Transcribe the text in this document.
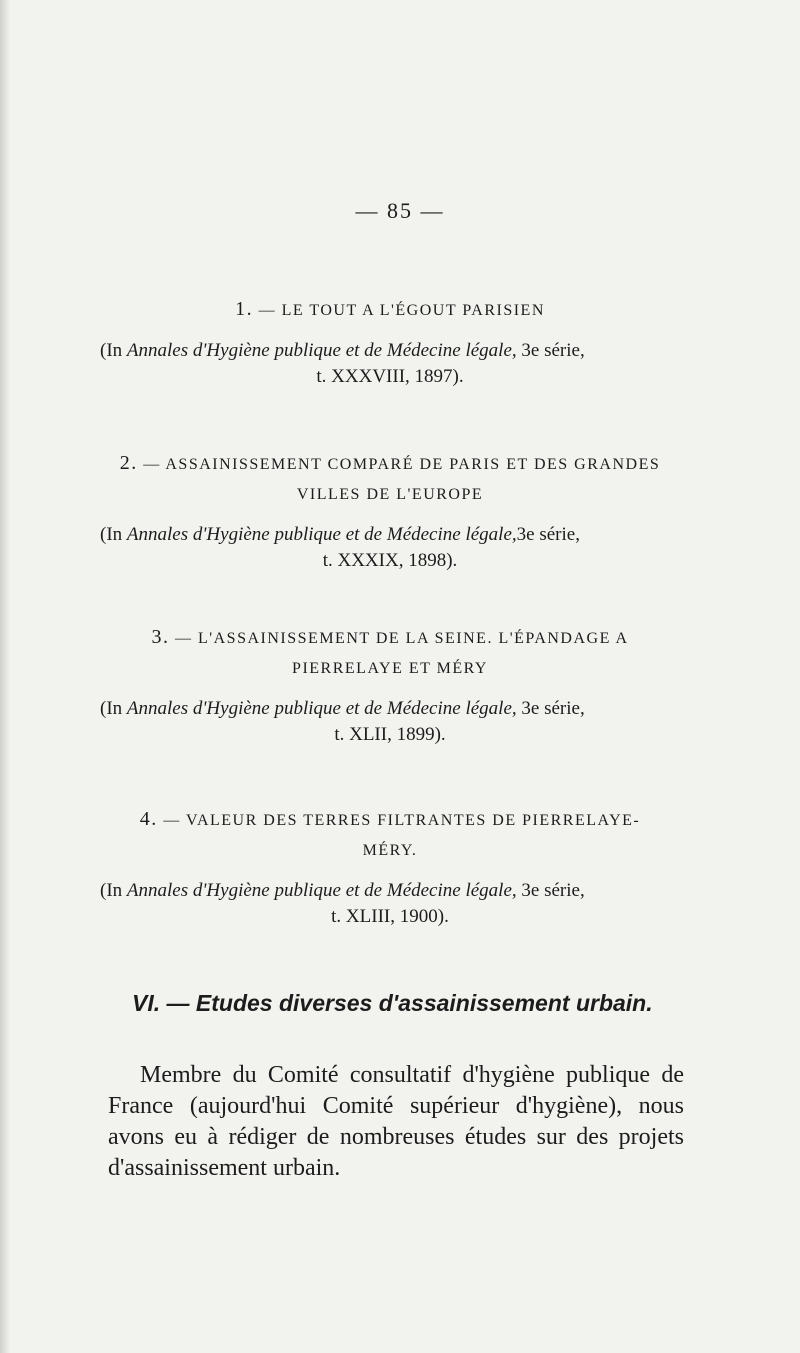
— 85 —
1. — LE TOUT A L'ÉGOUT PARISIEN
(In Annales d'Hygiène publique et de Médecine légale, 3e série,
t. XXXVIII, 1897).
2. — ASSAINISSEMENT COMPARÉ DE PARIS ET DES GRANDES
VILLES DE L'EUROPE
(In Annales d'Hygiène publique et de Médecine légale,3e série,
t. XXXIX, 1898).
3. — L'ASSAINISSEMENT DE LA SEINE. L'ÉPANDAGE A
PIERRELAYE ET MÉRY
(In Annales d'Hygiène publique et de Médecine légale, 3e série,
t. XLII, 1899).
4. — VALEUR DES TERRES FILTRANTES DE PIERRELAYE-
MÉRY.
(In Annales d'Hygiène publique et de Médecine légale, 3e série,
t. XLIII, 1900).
VI. — Etudes diverses d'assainissement urbain.
Membre du Comité consultatif d'hygiène publique de France (aujourd'hui Comité supérieur d'hygiène), nous avons eu à rédiger de nombreuses études sur des projets d'assainissement urbain.
